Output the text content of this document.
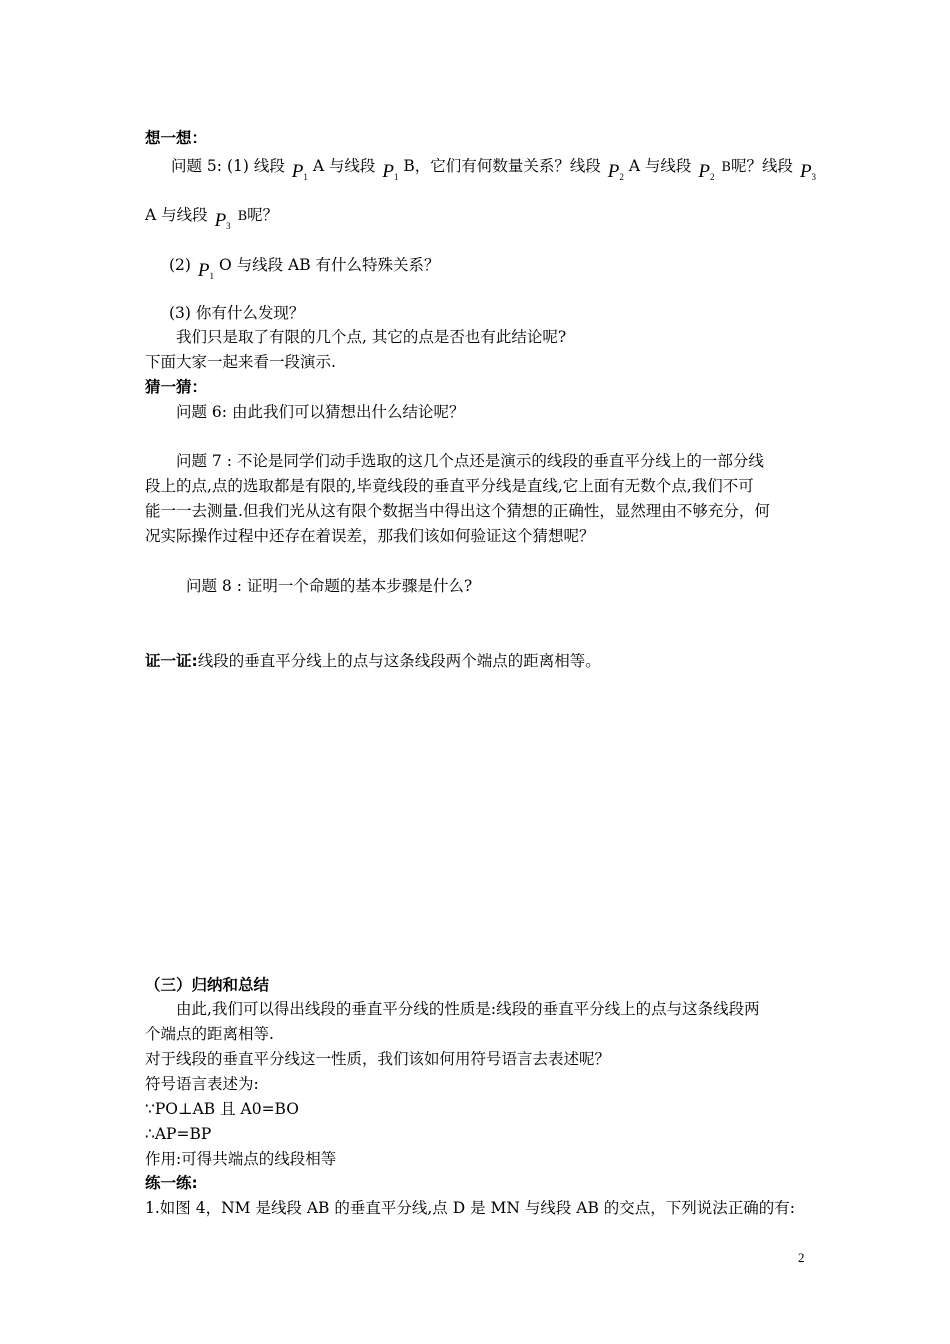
想一想：
问题 5: (1) 线段 $P_1$ A 与线段 $P_1$ B，它们有何数量关系？线段 $P_2$ A 与线段 $P_2$ B呢？线段 $P_3$
A 与线段 $P_3$ B呢？
(2) $P_1$ O 与线段 AB 有什么特殊关系？
(3) 你有什么发现？
我们只是取了有限的几个点, 其它的点是否也有此结论呢?
下面大家一起来看一段演示.
猜一猜：
问题 6: 由此我们可以猜想出什么结论呢？
问题 7 : 不论是同学们动手选取的这几个点还是演示的线段的垂直平分线上的一部分线
段上的点,点的选取都是有限的,毕竟线段的垂直平分线是直线,它上面有无数个点,我们不可
能一一去测量.但我们光从这有限个数据当中得出这个猜想的正确性，显然理由不够充分，何
况实际操作过程中还存在着误差，那我们该如何验证这个猜想呢？
问题 8 : 证明一个命题的基本步骤是什么?
证一证:线段的垂直平分线上的点与这条线段两个端点的距离相等。
（三）归纳和总结
由此,我们可以得出线段的垂直平分线的性质是:线段的垂直平分线上的点与这条线段两
个端点的距离相等.
对于线段的垂直平分线这一性质，我们该如何用符号语言去表述呢？
符号语言表述为:
∵PO⊥AB 且 A0=BO
∴AP=BP
作用:可得共端点的线段相等
练一练:
1.如图 4，NM 是线段 AB 的垂直平分线,点 D 是 MN 与线段 AB 的交点，下列说法正确的有:
2
